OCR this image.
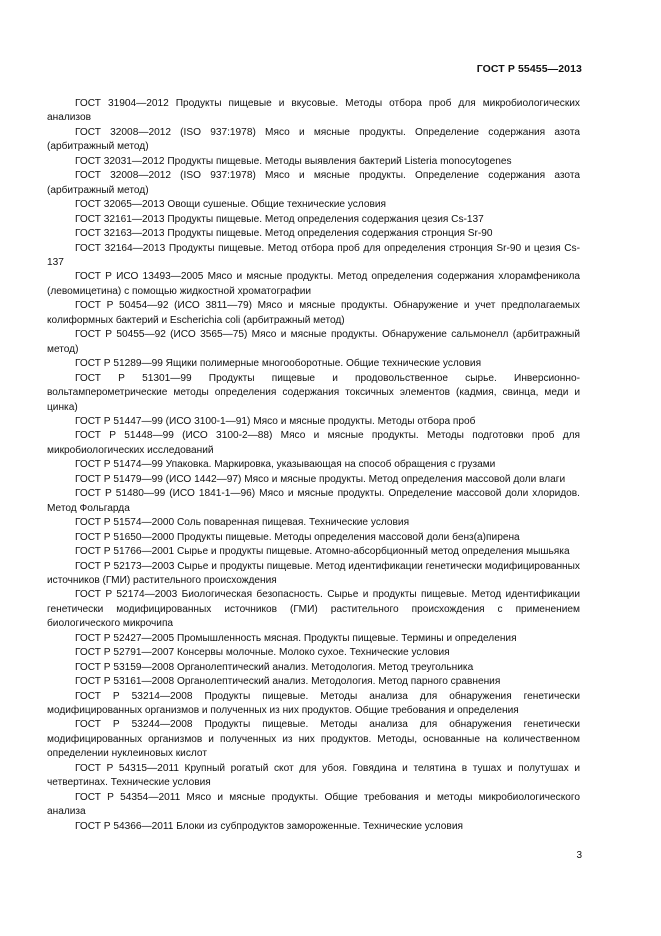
ГОСТ Р 55455—2013

ГОСТ 31904—2012 Продукты пищевые и вкусовые. Методы отбора проб для микробиологических анализов

ГОСТ 32008—2012 (ISO 937:1978) Мясо и мясные продукты. Определение содержания азота (арбитражный метод)

ГОСТ 32031—2012 Продукты пищевые. Методы выявления бактерий Listeria monocytogenes

ГОСТ 32008—2012 (ISO 937:1978) Мясо и мясные продукты. Определение содержания азота (арбитражный метод)

ГОСТ 32065—2013 Овощи сушеные. Общие технические условия

ГОСТ 32161—2013 Продукты пищевые. Метод определения содержания цезия Cs-137

ГОСТ 32163—2013 Продукты пищевые. Метод определения содержания стронция Sr-90

ГОСТ 32164—2013 Продукты пищевые. Метод отбора проб для определения стронция Sr-90 и цезия Cs-137

ГОСТ Р ИСО 13493—2005 Мясо и мясные продукты. Метод определения содержания хлорамфеникола (левомицетина) с помощью жидкостной хроматографии

ГОСТ Р 50454—92 (ИСО 3811—79) Мясо и мясные продукты. Обнаружение и учет предполагаемых колиформных бактерий и Escherichia coli (арбитражный метод)

ГОСТ Р 50455—92 (ИСО 3565—75) Мясо и мясные продукты. Обнаружение сальмонелл (арбитражный метод)

ГОСТ Р 51289—99 Ящики полимерные многооборотные. Общие технические условия

ГОСТ Р 51301—99 Продукты пищевые и продовольственное сырье. Инверсионно-вольтамперометрические методы определения содержания токсичных элементов (кадмия, свинца, меди и цинка)

ГОСТ Р 51447—99 (ИСО 3100-1—91) Мясо и мясные продукты. Методы отбора проб

ГОСТ Р 51448—99 (ИСО 3100-2—88) Мясо и мясные продукты. Методы подготовки проб для микробиологических исследований

ГОСТ Р 51474—99 Упаковка. Маркировка, указывающая на способ обращения с грузами

ГОСТ Р 51479—99 (ИСО 1442—97) Мясо и мясные продукты. Метод определения массовой доли влаги

ГОСТ Р 51480—99 (ИСО 1841-1—96) Мясо и мясные продукты. Определение массовой доли хлоридов. Метод Фольгарда

ГОСТ Р 51574—2000 Соль поваренная пищевая. Технические условия

ГОСТ Р 51650—2000 Продукты пищевые. Методы определения массовой доли бенз(а)пирена

ГОСТ Р 51766—2001 Сырье и продукты пищевые. Атомно-абсорбционный метод определения мышьяка

ГОСТ Р 52173—2003 Сырье и продукты пищевые. Метод идентификации генетически модифицированных источников (ГМИ) растительного происхождения

ГОСТ Р 52174—2003 Биологическая безопасность. Сырье и продукты пищевые. Метод идентификации генетически модифицированных источников (ГМИ) растительного происхождения с применением биологического микрочипа

ГОСТ Р 52427—2005 Промышленность мясная. Продукты пищевые. Термины и определения

ГОСТ Р 52791—2007 Консервы молочные. Молоко сухое. Технические условия

ГОСТ Р 53159—2008 Органолептический анализ. Методология. Метод треугольника

ГОСТ Р 53161—2008 Органолептический анализ. Методология. Метод парного сравнения

ГОСТ Р 53214—2008 Продукты пищевые. Методы анализа для обнаружения генетически модифицированных организмов и полученных из них продуктов. Общие требования и определения

ГОСТ Р 53244—2008 Продукты пищевые. Методы анализа для обнаружения генетически модифицированных организмов и полученных из них продуктов. Методы, основанные на количественном определении нуклеиновых кислот

ГОСТ Р 54315—2011 Крупный рогатый скот для убоя. Говядина и телятина в тушах и полутушах и четвертинах. Технические условия

ГОСТ Р 54354—2011 Мясо и мясные продукты. Общие требования и методы микробиологического анализа

ГОСТ Р 54366—2011 Блоки из субпродуктов замороженные. Технические условия

3
